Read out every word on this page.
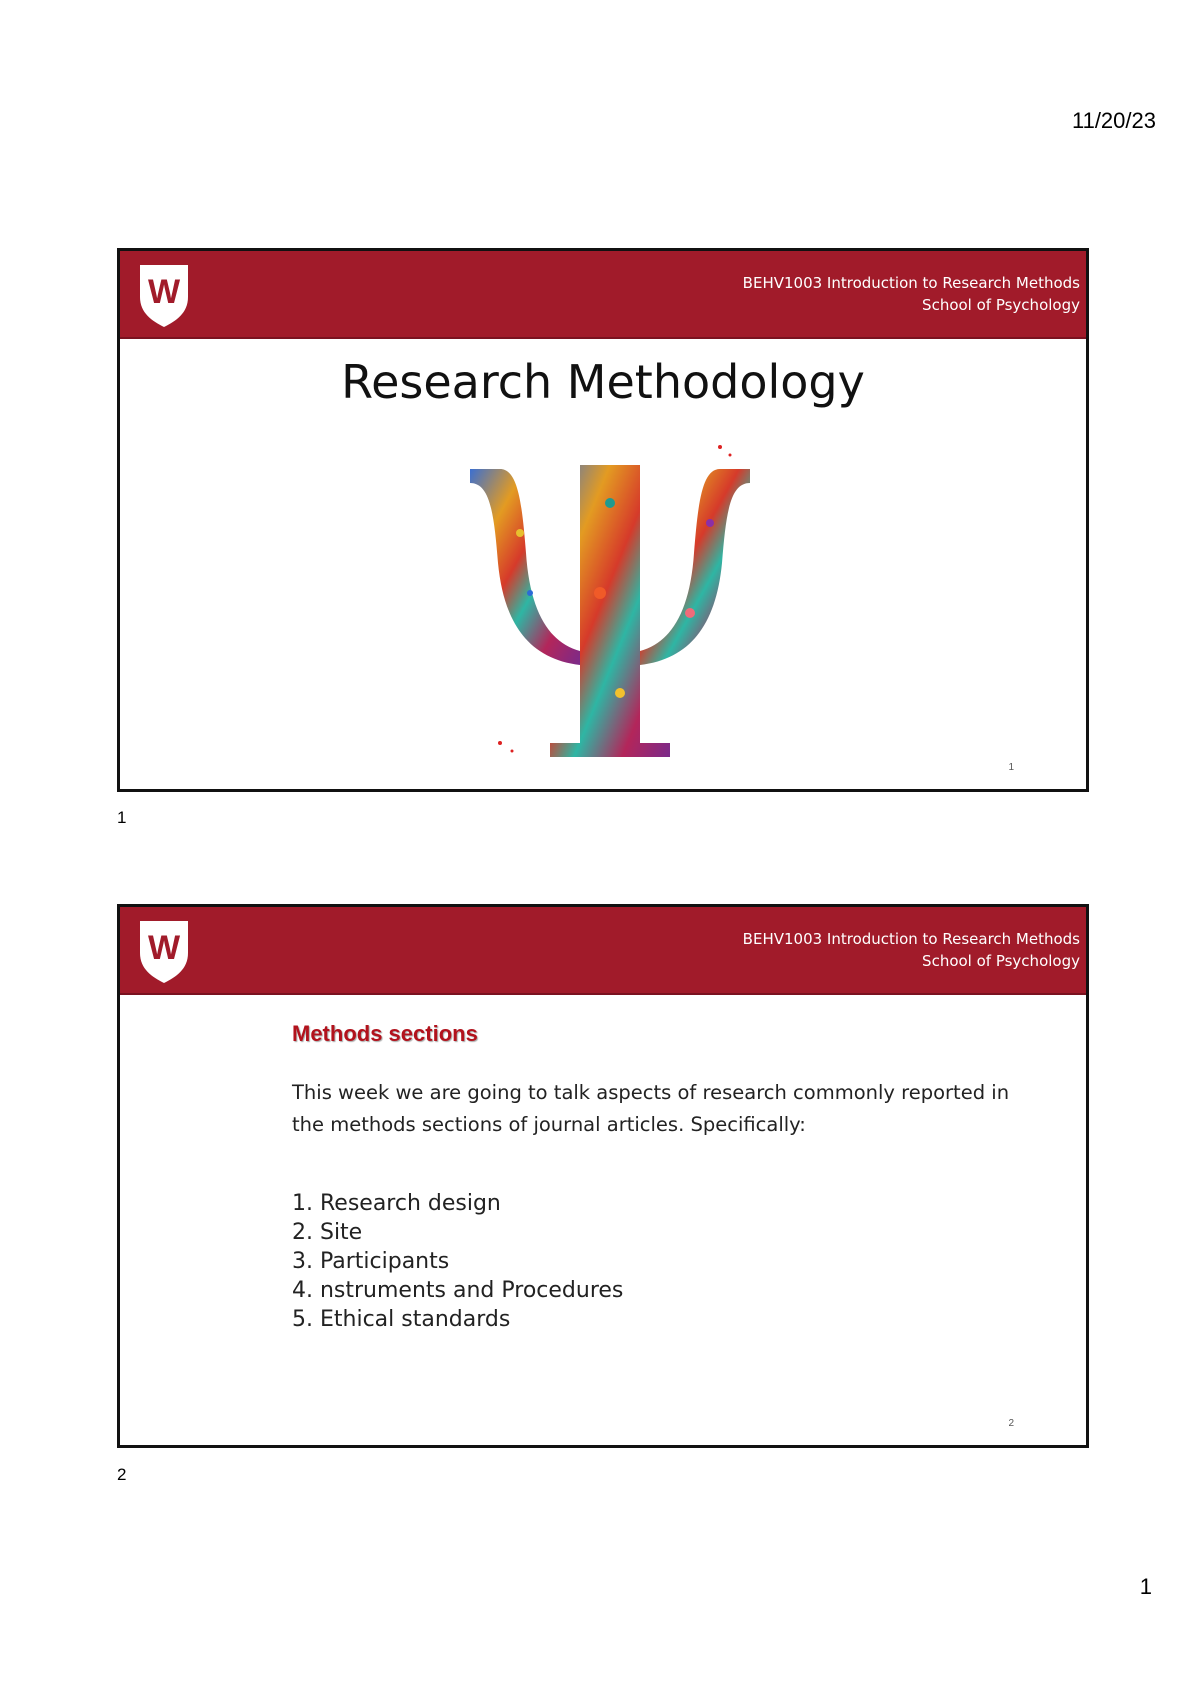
11/20/23
W	BEHV1003 Introduction to Research Methods
School of Psychology
Research Methodology
1
1
W	BEHV1003 Introduction to Research Methods
School of Psychology
Methods sections
This week we are going to talk aspects of research commonly reported in the methods sections of journal articles. Specifically:
1. Research design
2. Site
3. Participants
4. nstruments and Procedures
5. Ethical standards
2
2
1
